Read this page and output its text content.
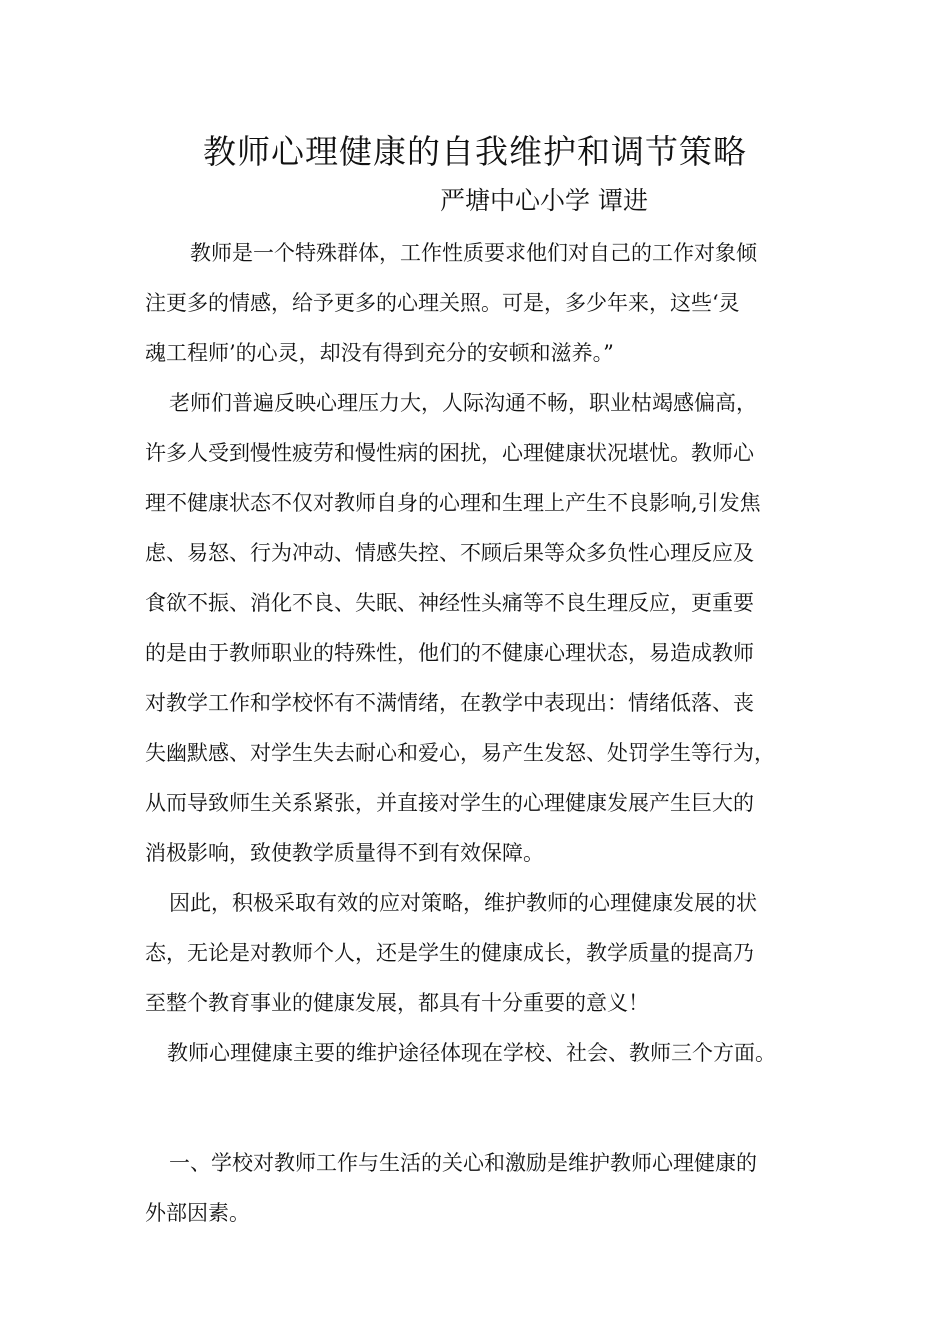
教师心理健康的自我维护和调节策略
严塘中心小学 谭进

教师是一个特殊群体，工作性质要求他们对自己的工作对象倾

注更多的情感，给予更多的心理关照。可是，多少年来，这些‘灵

魂工程师’的心灵，却没有得到充分的安顿和滋养。”

老师们普遍反映心理压力大，人际沟通不畅，职业枯竭感偏高，

许多人受到慢性疲劳和慢性病的困扰，心理健康状况堪忧。教师心

理不健康状态不仅对教师自身的心理和生理上产生不良影响,引发焦

虑、易怒、行为冲动、情感失控、不顾后果等众多负性心理反应及

食欲不振、消化不良、失眠、神经性头痛等不良生理反应，更重要

的是由于教师职业的特殊性，他们的不健康心理状态，易造成教师

对教学工作和学校怀有不满情绪，在教学中表现出：情绪低落、丧

失幽默感、对学生失去耐心和爱心，易产生发怒、处罚学生等行为，

从而导致师生关系紧张，并直接对学生的心理健康发展产生巨大的

消极影响，致使教学质量得不到有效保障。

因此，积极采取有效的应对策略，维护教师的心理健康发展的状

态，无论是对教师个人，还是学生的健康成长，教学质量的提高乃

至整个教育事业的健康发展，都具有十分重要的意义！

教师心理健康主要的维护途径体现在学校、社会、教师三个方面。

一、学校对教师工作与生活的关心和激励是维护教师心理健康的

外部因素。
